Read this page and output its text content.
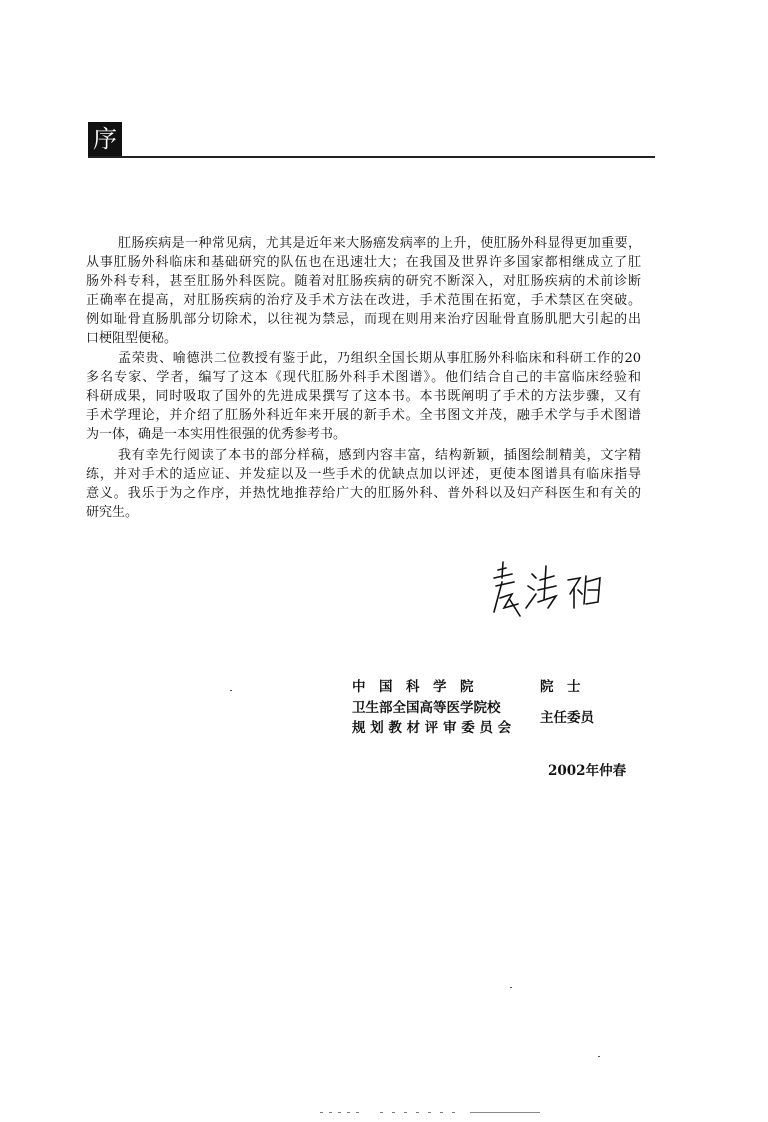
序
肛肠疾病是一种常见病，尤其是近年来大肠癌发病率的上升，使肛肠外科显得更加重要，
从事肛肠外科临床和基础研究的队伍也在迅速壮大；在我国及世界许多国家都相继成立了肛
肠外科专科，甚至肛肠外科医院。随着对肛肠疾病的研究不断深入，对肛肠疾病的术前诊断
正确率在提高，对肛肠疾病的治疗及手术方法在改进，手术范围在拓宽，手术禁区在突破。
例如耻骨直肠肌部分切除术，以往视为禁忌，而现在则用来治疗因耻骨直肠肌肥大引起的出
口梗阻型便秘。
孟荣贵、喻德洪二位教授有鉴于此，乃组织全国长期从事肛肠外科临床和科研工作的20
多名专家、学者，编写了这本《现代肛肠外科手术图谱》。他们结合自己的丰富临床经验和
科研成果，同时吸取了国外的先进成果撰写了这本书。本书既阐明了手术的方法步骤，又有
手术学理论，并介绍了肛肠外科近年来开展的新手术。全书图文并茂，融手术学与手术图谱
为一体，确是一本实用性很强的优秀参考书。
我有幸先行阅读了本书的部分样稿，感到内容丰富，结构新颖，插图绘制精美，文字精
练，并对手术的适应证、并发症以及一些手术的优缺点加以评述，更使本图谱具有临床指导
意义。我乐于为之作序，并热忱地推荐给广大的肛肠外科、普外科以及妇产科医生和有关的
研究生。
中　国　科　学　院	院　士
卫生部全国高等医学院校
规 划 教 材 评 审 委 员 会
主任委员
2002年仲春
